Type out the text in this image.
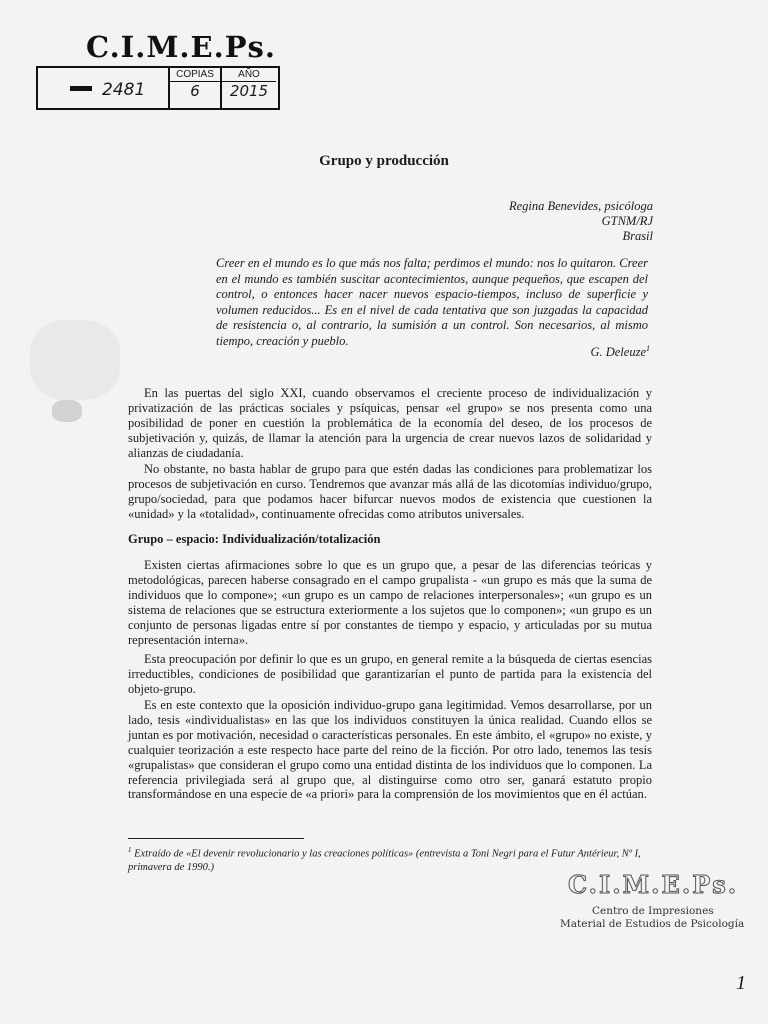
C.I.M.E.Ps.
2481
COPIAS
6
AÑO
2015
Grupo y producción
Regina Benevides, psicóloga
GTNM/RJ
Brasil
Creer en el mundo es lo que más nos falta; perdimos el mundo: nos lo quitaron. Creer en el mundo es también suscitar acontecimientos, aunque pequeños, que escapen del control, o entonces hacer nacer nuevos espacio-tiempos, incluso de superficie y volumen reducidos... Es en el nivel de cada tentativa que son juzgadas la capacidad de resistencia o, al contrario, la sumisión a un control. Son necesarios, al mismo tiempo, creación y pueblo.
G. Deleuze$^1$

En las puertas del siglo XXI, cuando observamos el creciente proceso de individualización y privatización de las prácticas sociales y psíquicas, pensar «el grupo» se nos presenta como una posibilidad de poner en cuestión la problemática de la economía del deseo, de los procesos de subjetivación y, quizás, de llamar la atención para la urgencia de crear nuevos lazos de solidaridad y alianzas de ciudadanía.

No obstante, no basta hablar de grupo para que estén dadas las condiciones para problematizar los procesos de subjetivación en curso. Tendremos que avanzar más allá de las dicotomías individuo/grupo, grupo/sociedad, para que podamos hacer bifurcar nuevos modos de existencia que cuestionen la «unidad» y la «totalidad», continuamente ofrecidas como atributos universales.

Grupo – espacio: Individualización/totalización

Existen ciertas afirmaciones sobre lo que es un grupo que, a pesar de las diferencias teóricas y metodológicas, parecen haberse consagrado en el campo grupalista - «un grupo es más que la suma de individuos que lo compone»; «un grupo es un campo de relaciones interpersonales»; «un grupo es un sistema de relaciones que se estructura exteriormente a los sujetos que lo componen»; «un grupo es un conjunto de personas ligadas entre sí por constantes de tiempo y espacio, y articuladas por su mutua representación interna».

Esta preocupación por definir lo que es un grupo, en general remite a la búsqueda de ciertas esencias irreductibles, condiciones de posibilidad que garantizarían el punto de partida para la existencia del objeto-grupo.

Es en este contexto que la oposición individuo-grupo gana legitimidad. Vemos desarrollarse, por un lado, tesis «individualistas» en las que los individuos constituyen la única realidad. Cuando ellos se juntan es por motivación, necesidad o características personales. En este ámbito, el «grupo» no existe, y cualquier teorización a este respecto hace parte del reino de la ficción. Por otro lado, tenemos las tesis «grupalistas» que consideran el grupo como una entidad distinta de los individuos que lo componen. La referencia privilegiada será al grupo que, al distinguirse como otro ser, ganará estatuto propio transformándose en una especie de «a priori» para la comprensión de los movimientos que en él actúan.

$^1$ Extraído de «El devenir revolucionario y las creaciones políticas» (entrevista a Toni Negri para el Futur Antérieur, Nº I, primavera de 1990.)
C.I.M.E.Ps.
Centro de Impresiones
Material de Estudios de Psicología
1
